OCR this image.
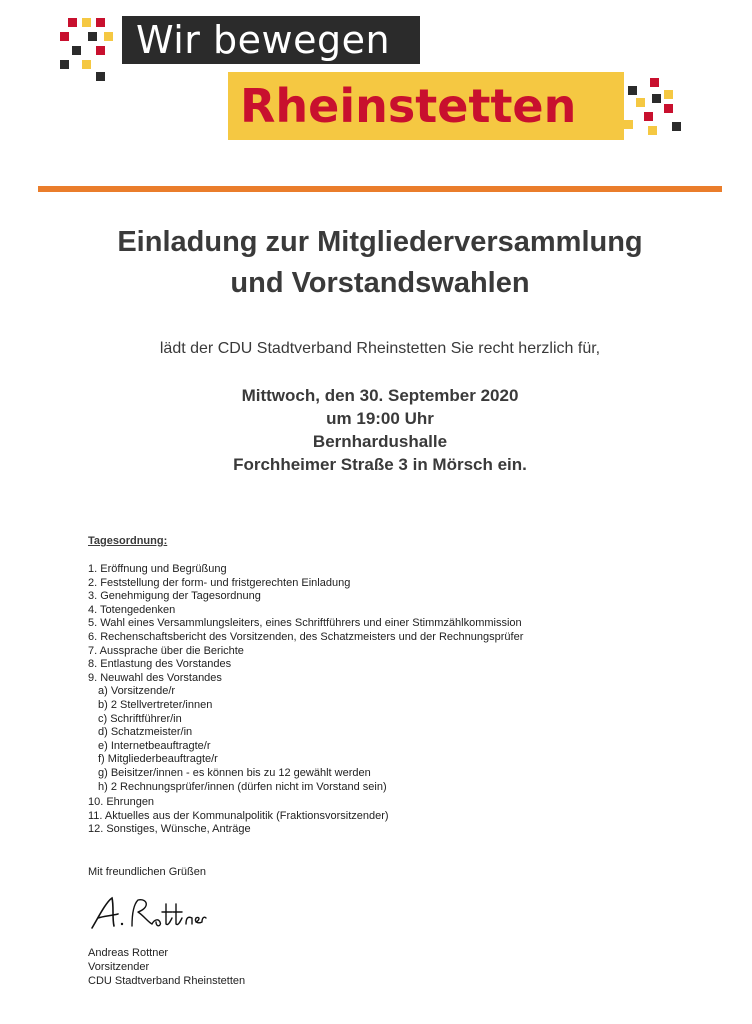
Wir bewegen
Rheinstetten
Einladung zur Mitgliederversammlung
und Vorstandswahlen
lädt der CDU Stadtverband Rheinstetten Sie recht herzlich für,
Mittwoch, den 30. September 2020
um 19:00 Uhr
Bernhardushalle
Forchheimer Straße 3 in Mörsch ein.
Tagesordnung:
1. Eröffnung und Begrüßung
2. Feststellung der form- und fristgerechten Einladung
3. Genehmigung der Tagesordnung
4. Totengedenken
5. Wahl eines Versammlungsleiters, eines Schriftführers und einer Stimmzählkommission
6. Rechenschaftsbericht des Vorsitzenden, des Schatzmeisters und der Rechnungsprüfer
7. Aussprache über die Berichte
8. Entlastung des Vorstandes
9. Neuwahl des Vorstandes
a) Vorsitzende/r
b) 2 Stellvertreter/innen
c) Schriftführer/in
d) Schatzmeister/in
e) Internetbeauftragte/r
f) Mitgliederbeauftragte/r
g) Beisitzer/innen - es können bis zu 12 gewählt werden
h) 2 Rechnungsprüfer/innen (dürfen nicht im Vorstand sein)
10. Ehrungen
11. Aktuelles aus der Kommunalpolitik (Fraktionsvorsitzender)
12. Sonstiges, Wünsche, Anträge
Mit freundlichen Grüßen
Andreas Rottner
Vorsitzender
CDU Stadtverband Rheinstetten
